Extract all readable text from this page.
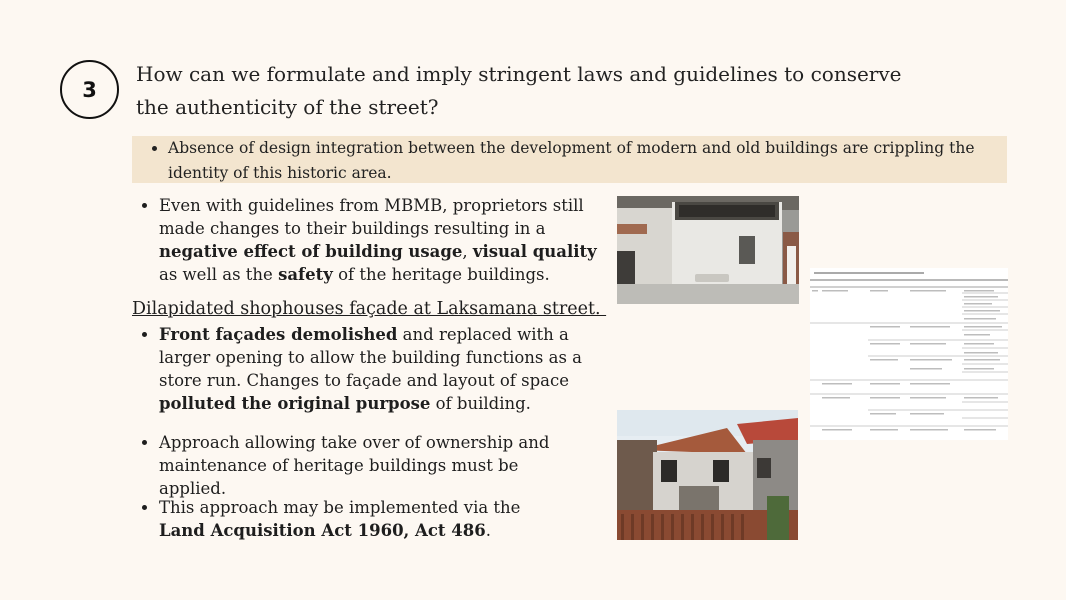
3
How can we formulate and imply stringent laws and guidelines to conserve the authenticity of the street?
• Absence of design integration between the development of modern and old buildings are crippling the identity of this historic area.
• Even with guidelines from MBMB, proprietors still made changes to their buildings resulting in a negative effect of building usage, visual quality as well as the safety of the heritage buildings.
Dilapidated shophouses façade at Laksamana street.
• Front façades demolished and replaced with a larger opening to allow the building functions as a store run. Changes to façade and layout of space polluted the original purpose of building.
• Approach allowing take over of ownership and maintenance of heritage buildings must be applied.
• This approach may be implemented via the Land Acquisition Act 1960, Act 486.
